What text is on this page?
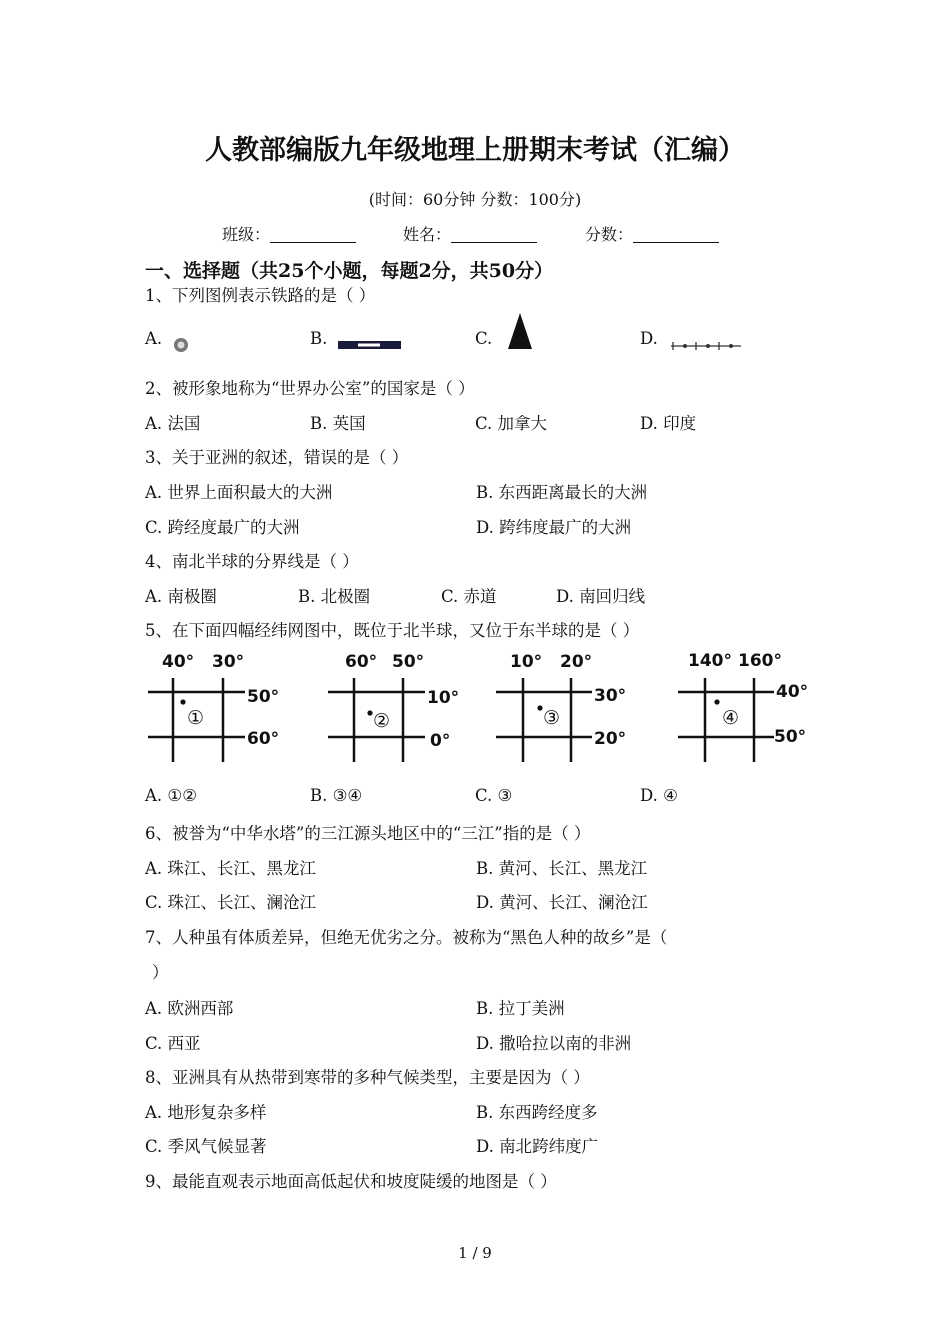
人教部编版九年级地理上册期末考试（汇编）
(时间：60分钟 分数：100分)
班级：	姓名：	分数：
一、选择题（共25个小题，每题2分，共50分）
1、下列图例表示铁路的是（ ）
A.	B.	C.	D.
2、被形象地称为“世界办公室”的国家是（ ）
A. 法国	B. 英国	C. 加拿大	D. 印度
3、关于亚洲的叙述，错误的是（ ）
A. 世界上面积最大的大洲	B. 东西距离最长的大洲
C. 跨经度最广的大洲	D. 跨纬度最广的大洲
4、南北半球的分界线是（ ）
A. 南极圈	B. 北极圈	C. 赤道	D. 南回归线
5、在下面四幅经纬网图中，既位于北半球，又位于东半球的是（ ）
40° 30°
50°
60°
①
60° 50°
10°
0°
②
10° 20°
30°
20°
③
140° 160°
40°
50°
④
A. ①②	B. ③④	C. ③	D. ④
6、被誉为“中华水塔”的三江源头地区中的“三江”指的是（ ）
A. 珠江、长江、黑龙江	B. 黄河、长江、黑龙江
C. 珠江、长江、澜沧江	D. 黄河、长江、澜沧江
7、人种虽有体质差异，但绝无优劣之分。被称为“黑色人种的故乡”是（
）
A. 欧洲西部	B. 拉丁美洲
C. 西亚	D. 撒哈拉以南的非洲
8、亚洲具有从热带到寒带的多种气候类型，主要是因为（ ）
A. 地形复杂多样	B. 东西跨经度多
C. 季风气候显著	D. 南北跨纬度广
9、最能直观表示地面高低起伏和坡度陡缓的地图是（ ）
1 / 9
